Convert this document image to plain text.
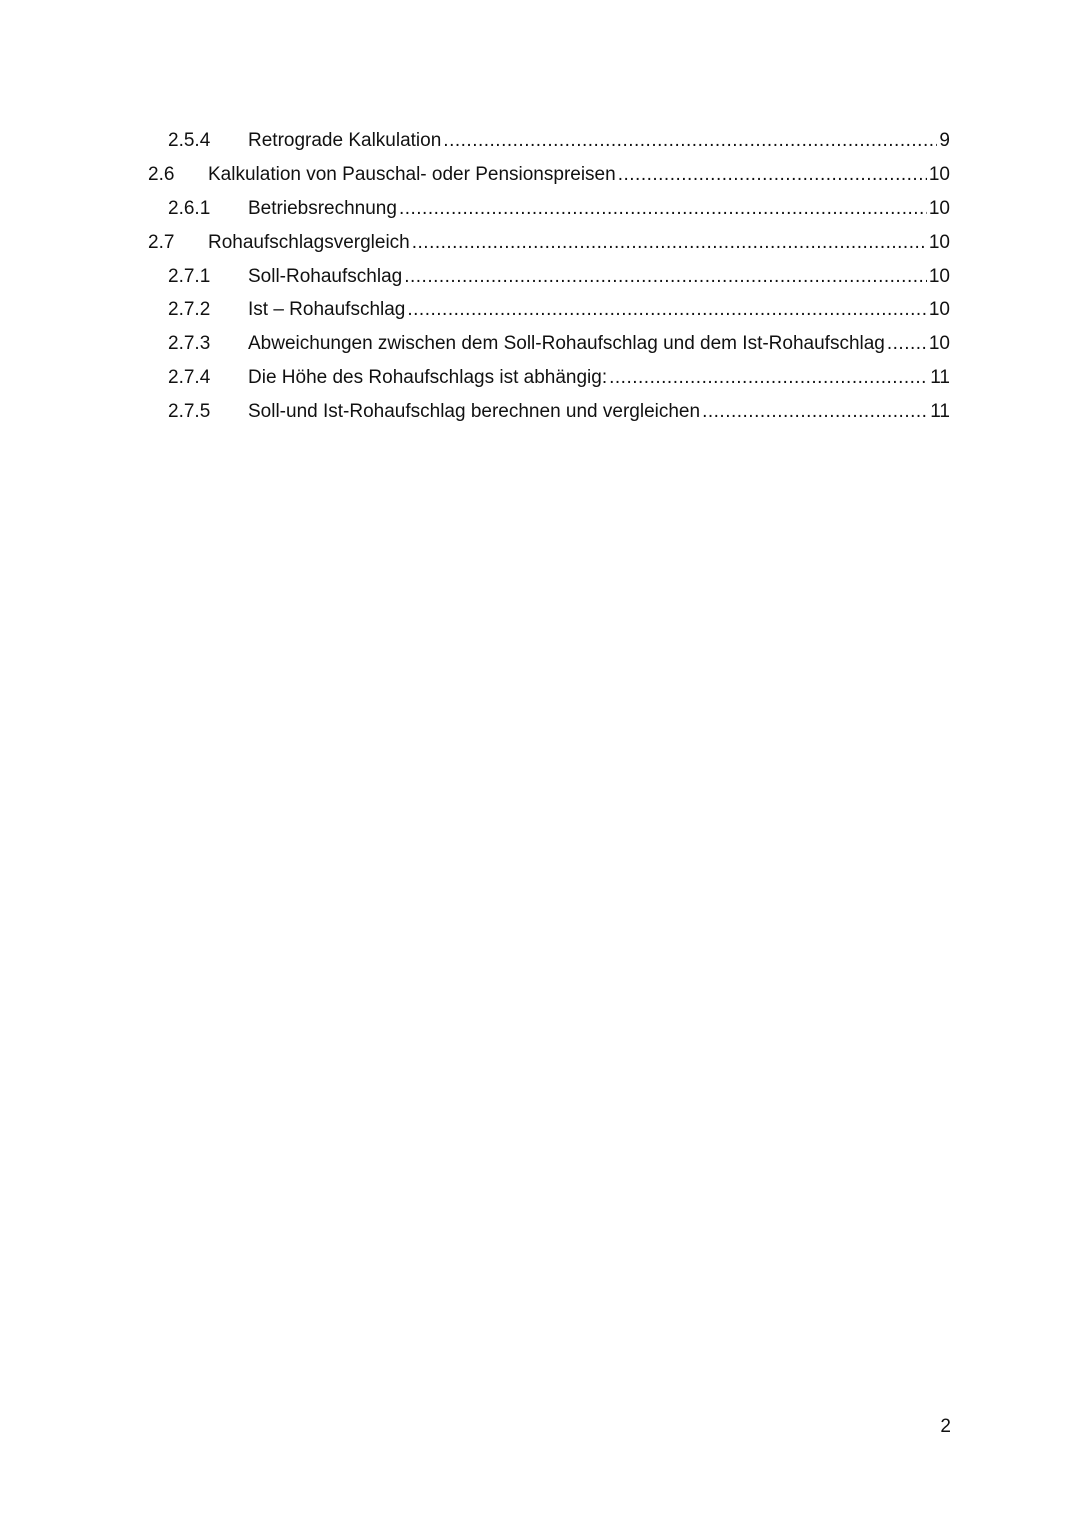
2.5.4	Retrograde Kalkulation .....	9
2.6	Kalkulation von Pauschal- oder Pensionspreisen .....	10
2.6.1	Betriebsrechnung .....	10
2.7	Rohaufschlagsvergleich .....	10
2.7.1	Soll-Rohaufschlag .....	10
2.7.2	Ist – Rohaufschlag .....	10
2.7.3	Abweichungen zwischen dem Soll-Rohaufschlag und dem Ist-Rohaufschlag ..... 10
2.7.4	Die Höhe des Rohaufschlags ist abhängig: .....	11
2.7.5	Soll-und Ist-Rohaufschlag berechnen und vergleichen .....	11
2
